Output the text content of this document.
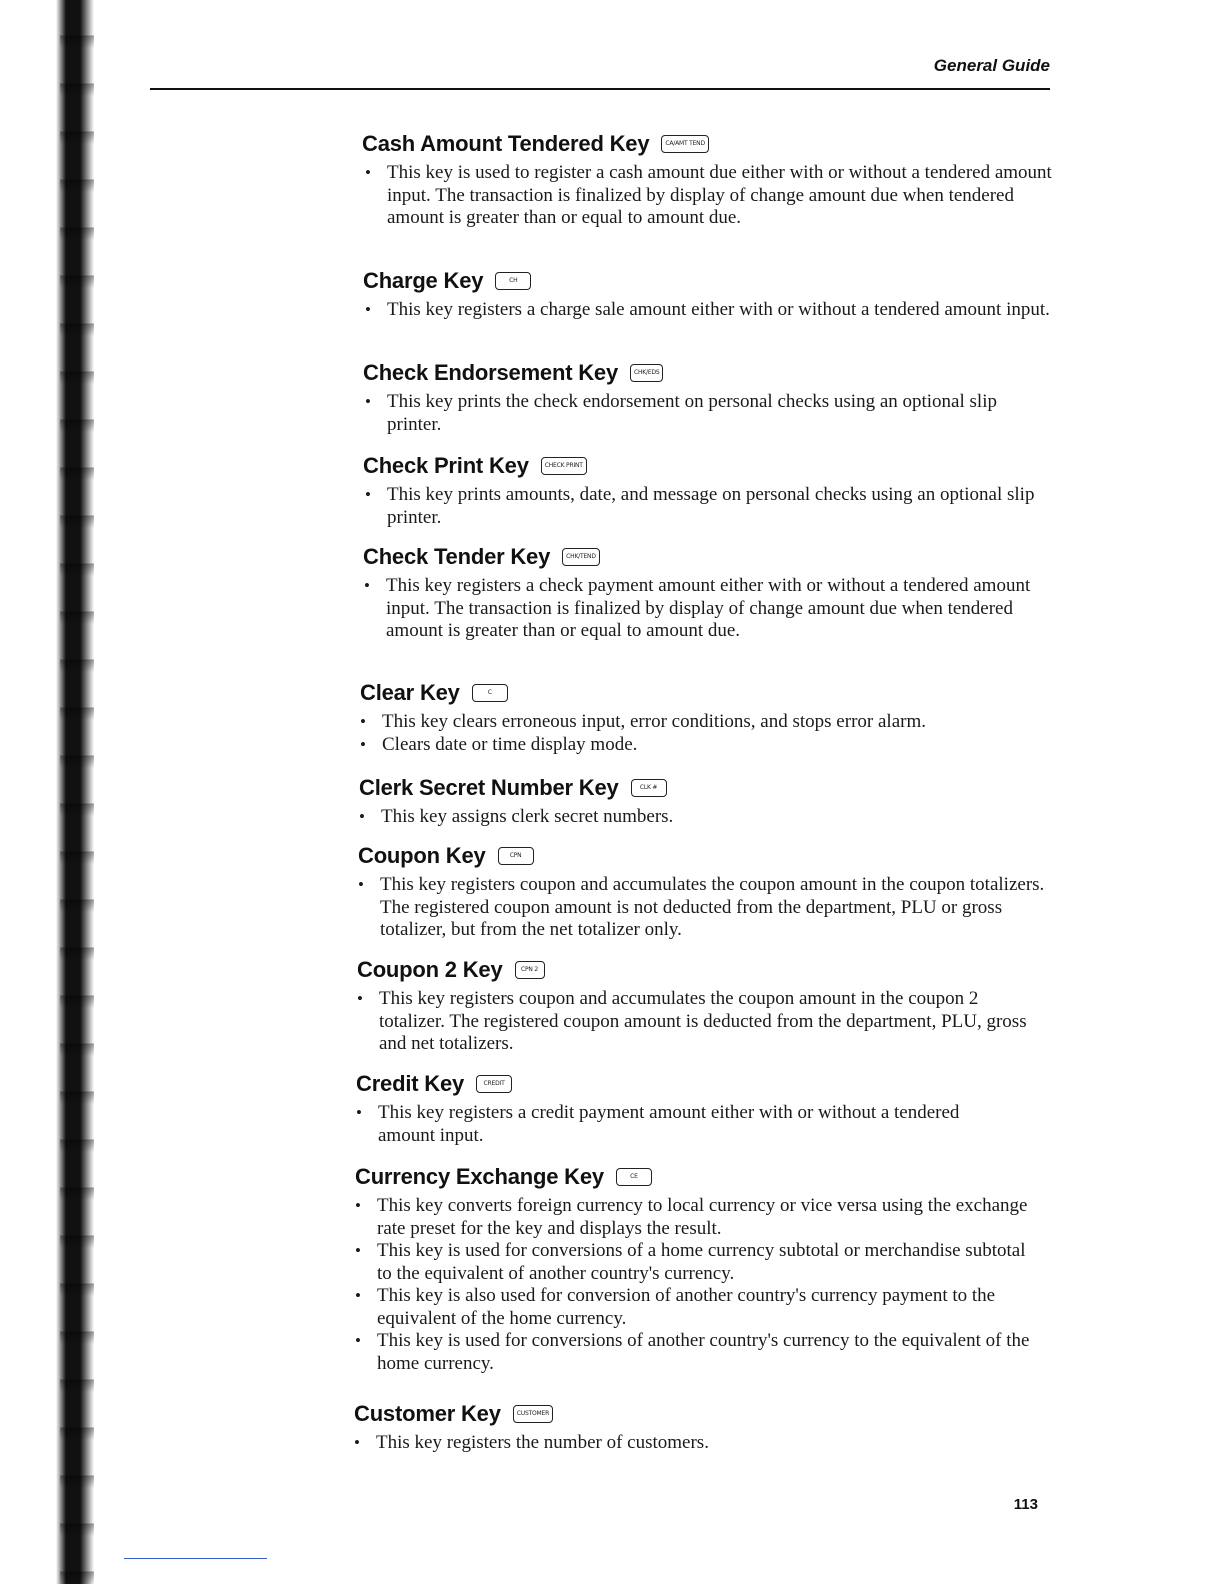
General Guide
Cash Amount Tendered Key	CA/AMT TEND
• This key is used to register a cash amount due either with or without a tendered amount input. The transaction is finalized by display of change amount due when tendered amount is greater than or equal to amount due.
Charge Key	CH
• This key registers a charge sale amount either with or without a tendered amount input.
Check Endorsement Key	CHK/EDS
• This key prints the check endorsement on personal checks using an optional slip printer.
Check Print Key	CHECK PRINT
• This key prints amounts, date, and message on personal checks using an optional slip printer.
Check Tender Key	CHK/TEND
• This key registers a check payment amount either with or without a tendered amount input. The transaction is finalized by display of change amount due when tendered amount is greater than or equal to amount due.
Clear Key	C
• This key clears erroneous input, error conditions, and stops error alarm.
• Clears date or time display mode.
Clerk Secret Number Key	CLK #
• This key assigns clerk secret numbers.
Coupon Key	CPN
• This key registers coupon and accumulates the coupon amount in the coupon totalizers. The registered coupon amount is not deducted from the department, PLU or gross totalizer, but from the net totalizer only.
Coupon 2 Key	CPN 2
• This key registers coupon and accumulates the coupon amount in the coupon 2 totalizer. The registered coupon amount is deducted from the department, PLU, gross and net totalizers.
Credit Key	CREDIT
• This key registers a credit payment amount either with or without a tendered amount input.
Currency Exchange Key	CE
• This key converts foreign currency to local currency or vice versa using the exchange rate preset for the key and displays the result.
• This key is used for conversions of a home currency subtotal or merchandise subtotal to the equivalent of another country's currency.
• This key is also used for conversion of another country's currency payment to the equivalent of the home currency.
• This key is used for conversions of another country's currency to the equivalent of the home currency.
Customer Key	CUSTOMER
• This key registers the number of customers.
113
